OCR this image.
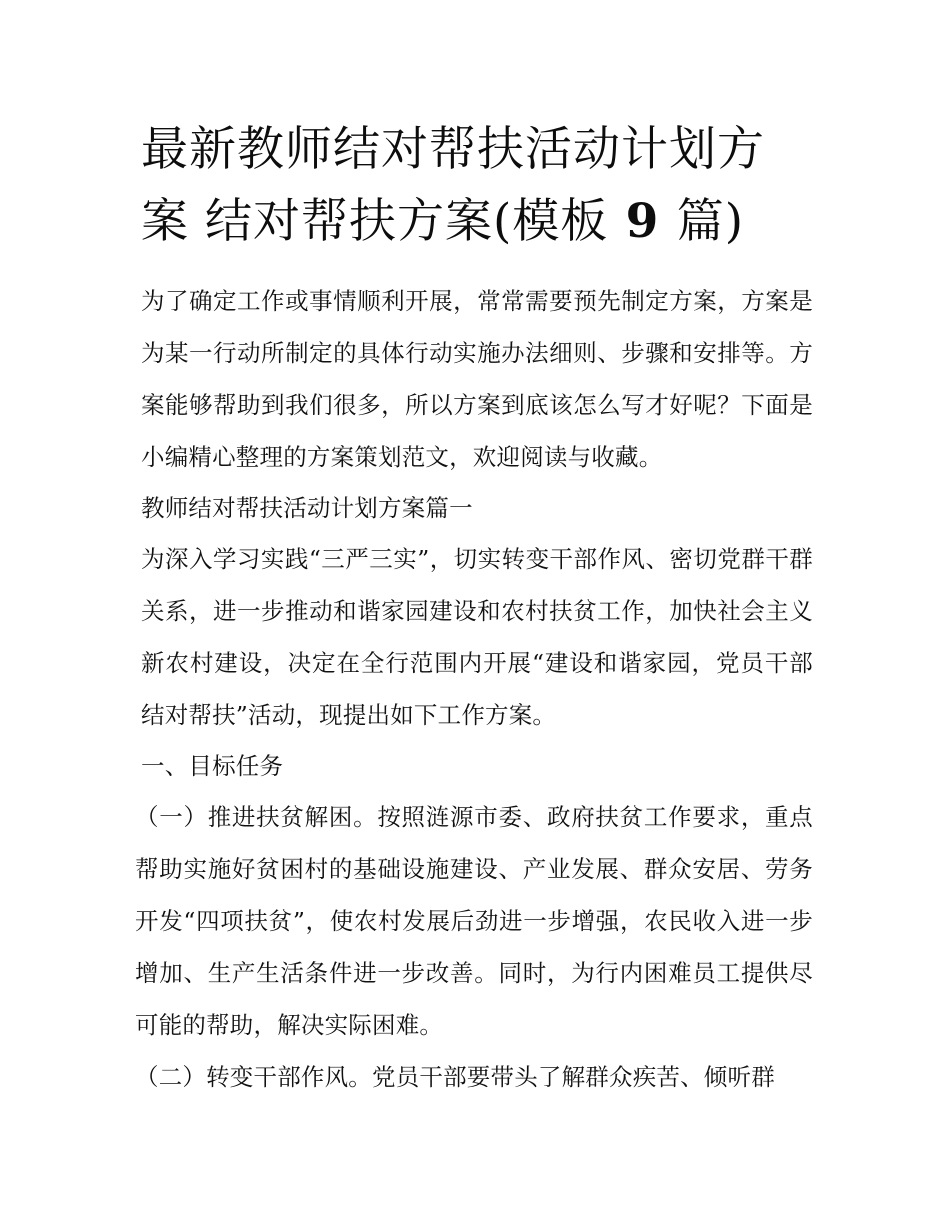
最新教师结对帮扶活动计划方
案 结对帮扶方案(模板 9 篇)

为了确定工作或事情顺利开展，常常需要预先制定方案，方案是为某一行动所制定的具体行动实施办法细则、步骤和安排等。方案能够帮助到我们很多，所以方案到底该怎么写才好呢？下面是小编精心整理的方案策划范文，欢迎阅读与收藏。

教师结对帮扶活动计划方案篇一

为深入学习实践“三严三实”，切实转变干部作风、密切党群干群关系，进一步推动和谐家园建设和农村扶贫工作，加快社会主义新农村建设，决定在全行范围内开展“建设和谐家园，党员干部结对帮扶”活动，现提出如下工作方案。

一、目标任务

（一）推进扶贫解困。按照涟源市委、政府扶贫工作要求，重点帮助实施好贫困村的基础设施建设、产业发展、群众安居、劳务开发“四项扶贫”，使农村发展后劲进一步增强，农民收入进一步增加、生产生活条件进一步改善。同时，为行内困难员工提供尽可能的帮助，解决实际困难。

（二）转变干部作风。党员干部要带头了解群众疾苦、倾听群
